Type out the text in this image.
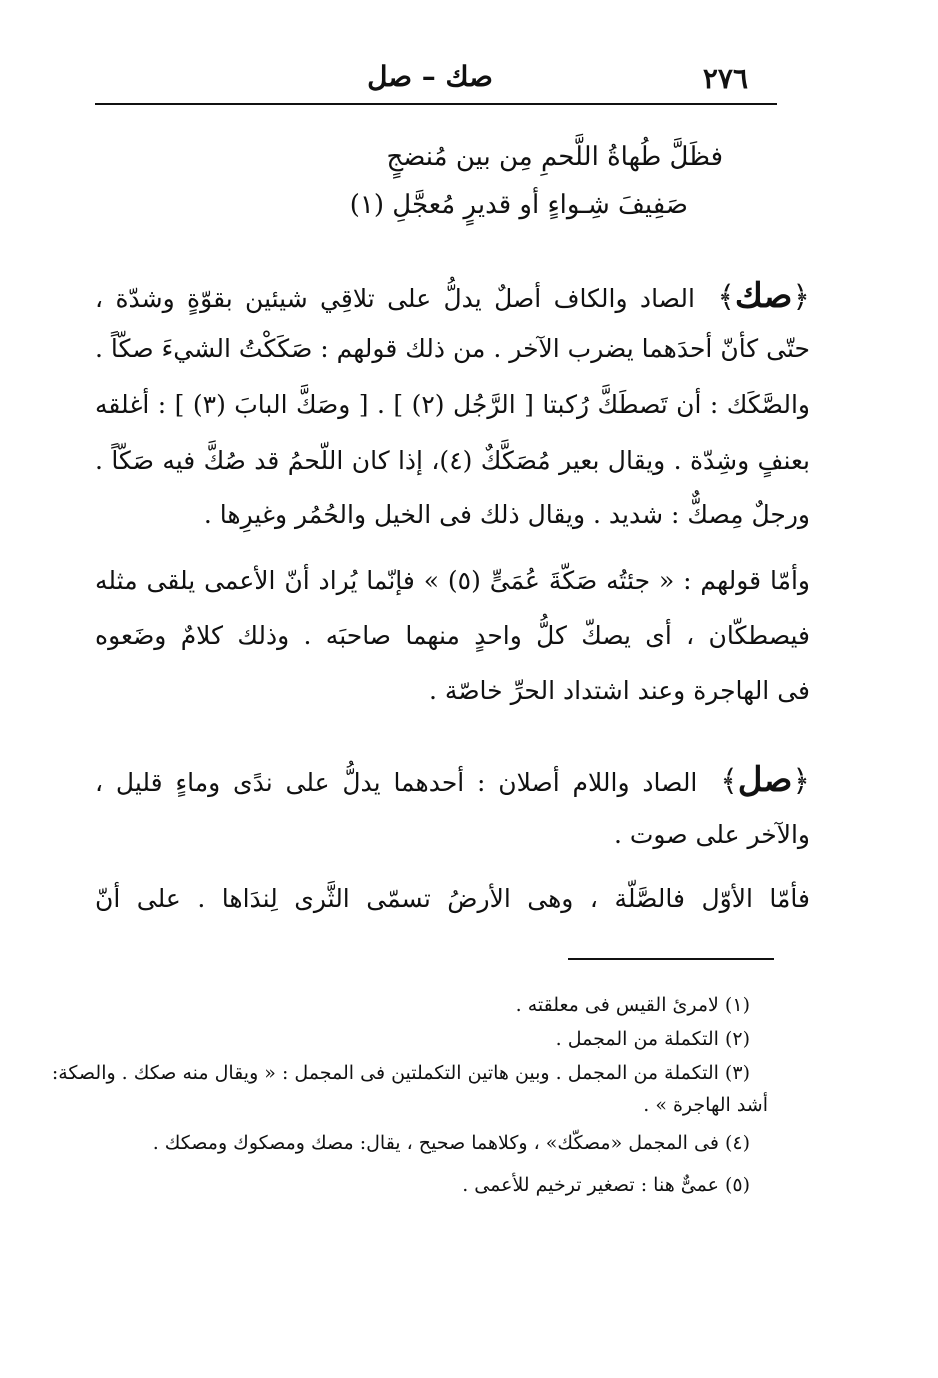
٢٧٦
صك – صل
فظَلَّ طُهاةُ اللَّحمِ مِن بين مُنضجٍ
صَفِيفَ شِـواءٍ أو قديرٍ مُعجَّلِ (١)
﴿صك﴾ الصاد والكاف أصلٌ يدلُّ على تلاقِي شيئين بقوّةٍ وشدّة ،
حتّى كأنّ أحدَهما يضرب الآخر . من ذلك قولهم : صَكَكْتُ الشيءَ صكّاً .
والصَّكَك : أن تَصطَكَّ رُكبتا [ الرَّجُل (٢) ] . [ وصَكَّ البابَ (٣) ] : أغلقه
بعنفٍ وشِدّة . ويقال بعير مُصَكَّكٌ (٤)، إذا كان اللّحمُ قد صُكَّ فيه صَكّاً .
ورجلٌ مِصكٌّ : شديد . ويقال ذلك فى الخيل والحُمُر وغيرِها .
وأمّا قولهم : « جئتُه صَكّةَ عُمَىٍّ (٥) » فإنّما يُراد أنّ الأعمى يلقى مثله
فيصطكّان ، أى يصكّ كلُّ واحدٍ منهما صاحبَه . وذلك كلامٌ وضَعوه
فى الهاجرة وعند اشتداد الحرِّ خاصّة .
﴿صل﴾ الصاد واللام أصلان : أحدهما يدلُّ على ندًى وماءٍ قليل ،
والآخر على صوت .
فأمّا الأوّل فالصَّلّة ، وهى الأرضُ تسمّى الثَّرى لِندَاها . على أنّ
(١) لامرئ القيس فى معلقته .
(٢) التكملة من المجمل .
(٣) التكملة من المجمل . وبين هاتين التكملتين فى المجمل : « ويقال منه صكك . والصكة:
أشد الهاجرة » .
(٤) فى المجمل «مصكّك» ، وكلاهما صحيح ، يقال: مصك ومصكوك ومصكك .
(٥) عمىٌّ هنا : تصغير ترخيم للأعمى .
